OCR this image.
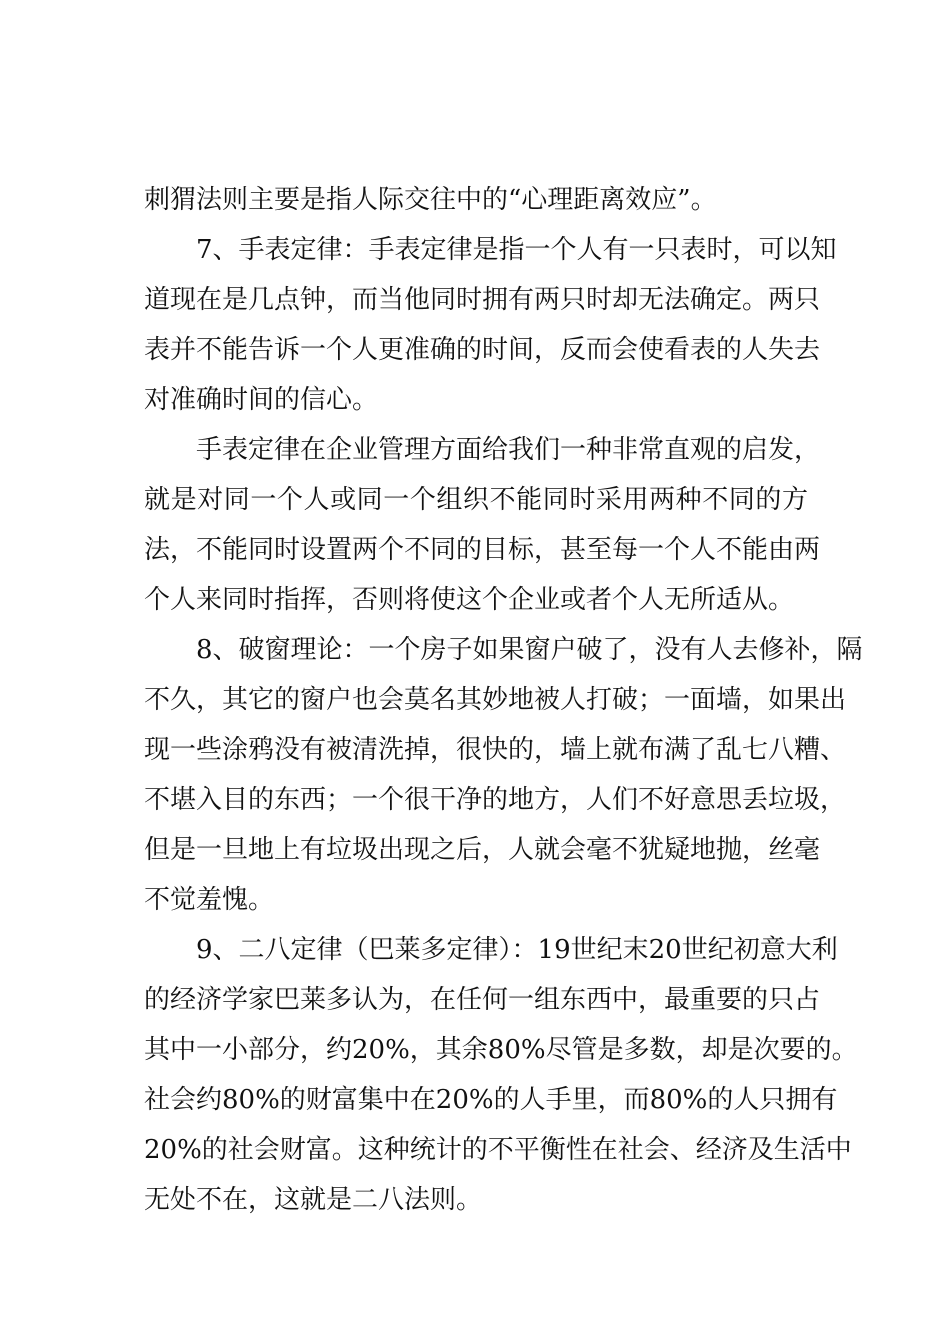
刺猬法则主要是指人际交往中的“心理距离效应”。
7、手表定律：手表定律是指一个人有一只表时，可以知
道现在是几点钟，而当他同时拥有两只时却无法确定。两只
表并不能告诉一个人更准确的时间，反而会使看表的人失去
对准确时间的信心。
手表定律在企业管理方面给我们一种非常直观的启发，
就是对同一个人或同一个组织不能同时采用两种不同的方
法，不能同时设置两个不同的目标，甚至每一个人不能由两
个人来同时指挥，否则将使这个企业或者个人无所适从。
8、破窗理论：一个房子如果窗户破了，没有人去修补，隔
不久，其它的窗户也会莫名其妙地被人打破；一面墙，如果出
现一些涂鸦没有被清洗掉，很快的，墙上就布满了乱七八糟、
不堪入目的东西；一个很干净的地方，人们不好意思丢垃圾，
但是一旦地上有垃圾出现之后，人就会毫不犹疑地抛，丝毫
不觉羞愧。
9、二八定律（巴莱多定律）：19世纪末20世纪初意大利
的经济学家巴莱多认为，在任何一组东西中，最重要的只占
其中一小部分，约20%，其余80%尽管是多数，却是次要的。
社会约80%的财富集中在20%的人手里，而80%的人只拥有
20%的社会财富。这种统计的不平衡性在社会、经济及生活中
无处不在，这就是二八法则。
